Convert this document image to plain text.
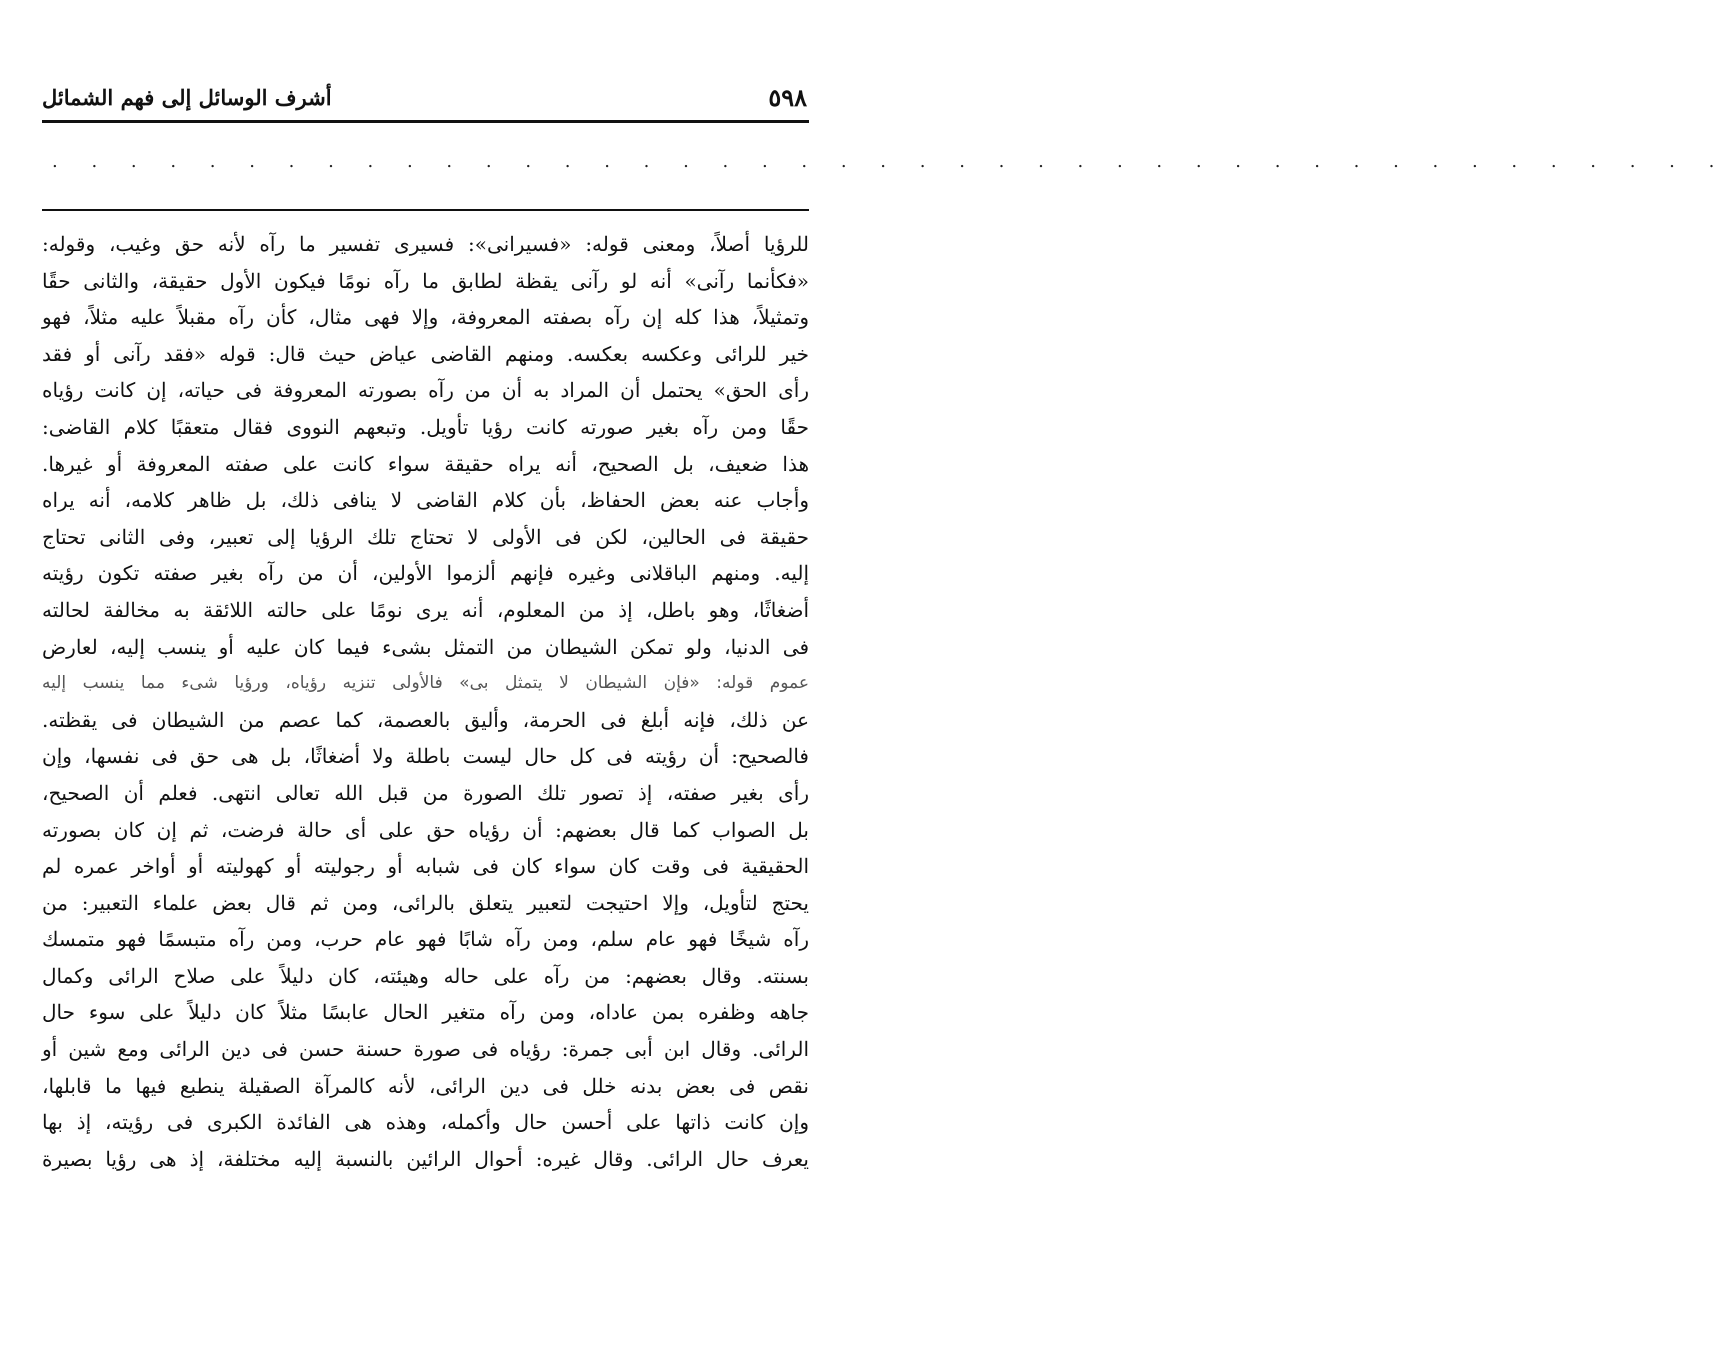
٥٩٨
أشرف الوسائل إلى فهم الشمائل
. . . . . . . . . . . . . . . . . . . . . . . . . . . . . . . . . . . . . . . . . . .
للرؤيا أصلاً، ومعنى قوله: «فسيرانى»: فسيرى تفسير ما رآه لأنه حق وغيب، وقوله:
«فكأنما رآنى» أنه لو رآنى يقظة لطابق ما رآه نومًا فيكون الأول حقيقة، والثانى حقًا
وتمثيلاً، هذا كله إن رآه بصفته المعروفة، وإلا فهى مثال، كأن رآه مقبلاً عليه مثلاً، فهو
خير للرائى وعكسه بعكسه. ومنهم القاضى عياض حيث قال: قوله «فقد رآنى أو فقد
رأى الحق» يحتمل أن المراد به أن من رآه بصورته المعروفة فى حياته، إن كانت رؤياه
حقًا ومن رآه بغير صورته كانت رؤيا تأويل. وتبعهم النووى فقال متعقبًا كلام القاضى:
هذا ضعيف، بل الصحيح، أنه يراه حقيقة سواء كانت على صفته المعروفة أو غيرها.
وأجاب عنه بعض الحفاظ، بأن كلام القاضى لا ينافى ذلك، بل ظاهر كلامه، أنه يراه
حقيقة فى الحالين، لكن فى الأولى لا تحتاج تلك الرؤيا إلى تعبير، وفى الثانى تحتاج
إليه. ومنهم الباقلانى وغيره فإنهم ألزموا الأولين، أن من رآه بغير صفته تكون رؤيته
أضغاثًا، وهو باطل، إذ من المعلوم، أنه يرى نومًا على حالته اللائقة به مخالفة لحالته
فى الدنيا، ولو تمكن الشيطان من التمثل بشىء فيما كان عليه أو ينسب إليه، لعارض
عموم قوله: «فإن الشيطان لا يتمثل بى» فالأولى تنزيه رؤياه، ورؤيا شىء مما ينسب إليه
عن ذلك، فإنه أبلغ فى الحرمة، وأليق بالعصمة، كما عصم من الشيطان فى يقظته.
فالصحيح: أن رؤيته فى كل حال ليست باطلة ولا أضغاثًا، بل هى حق فى نفسها، وإن
رأى بغير صفته، إذ تصور تلك الصورة من قبل الله تعالى انتهى. فعلم أن الصحيح،
بل الصواب كما قال بعضهم: أن رؤياه حق على أى حالة فرضت، ثم إن كان بصورته
الحقيقية فى وقت كان سواء كان فى شبابه أو رجوليته أو كهوليته أو أواخر عمره لم
يحتج لتأويل، وإلا احتيجت لتعبير يتعلق بالرائى، ومن ثم قال بعض علماء التعبير: من
رآه شيخًا فهو عام سلم، ومن رآه شابًا فهو عام حرب، ومن رآه متبسمًا فهو متمسك
بسنته. وقال بعضهم: من رآه على حاله وهيئته، كان دليلاً على صلاح الرائى وكمال
جاهه وظفره بمن عاداه، ومن رآه متغير الحال عابسًا مثلاً كان دليلاً على سوء حال
الرائى. وقال ابن أبى جمرة: رؤياه فى صورة حسنة حسن فى دين الرائى ومع شين أو
نقص فى بعض بدنه خلل فى دين الرائى، لأنه كالمرآة الصقيلة ينطبع فيها ما قابلها،
وإن كانت ذاتها على أحسن حال وأكمله، وهذه هى الفائدة الكبرى فى رؤيته، إذ بها
يعرف حال الرائى. وقال غيره: أحوال الرائين بالنسبة إليه مختلفة، إذ هى رؤيا بصيرة
